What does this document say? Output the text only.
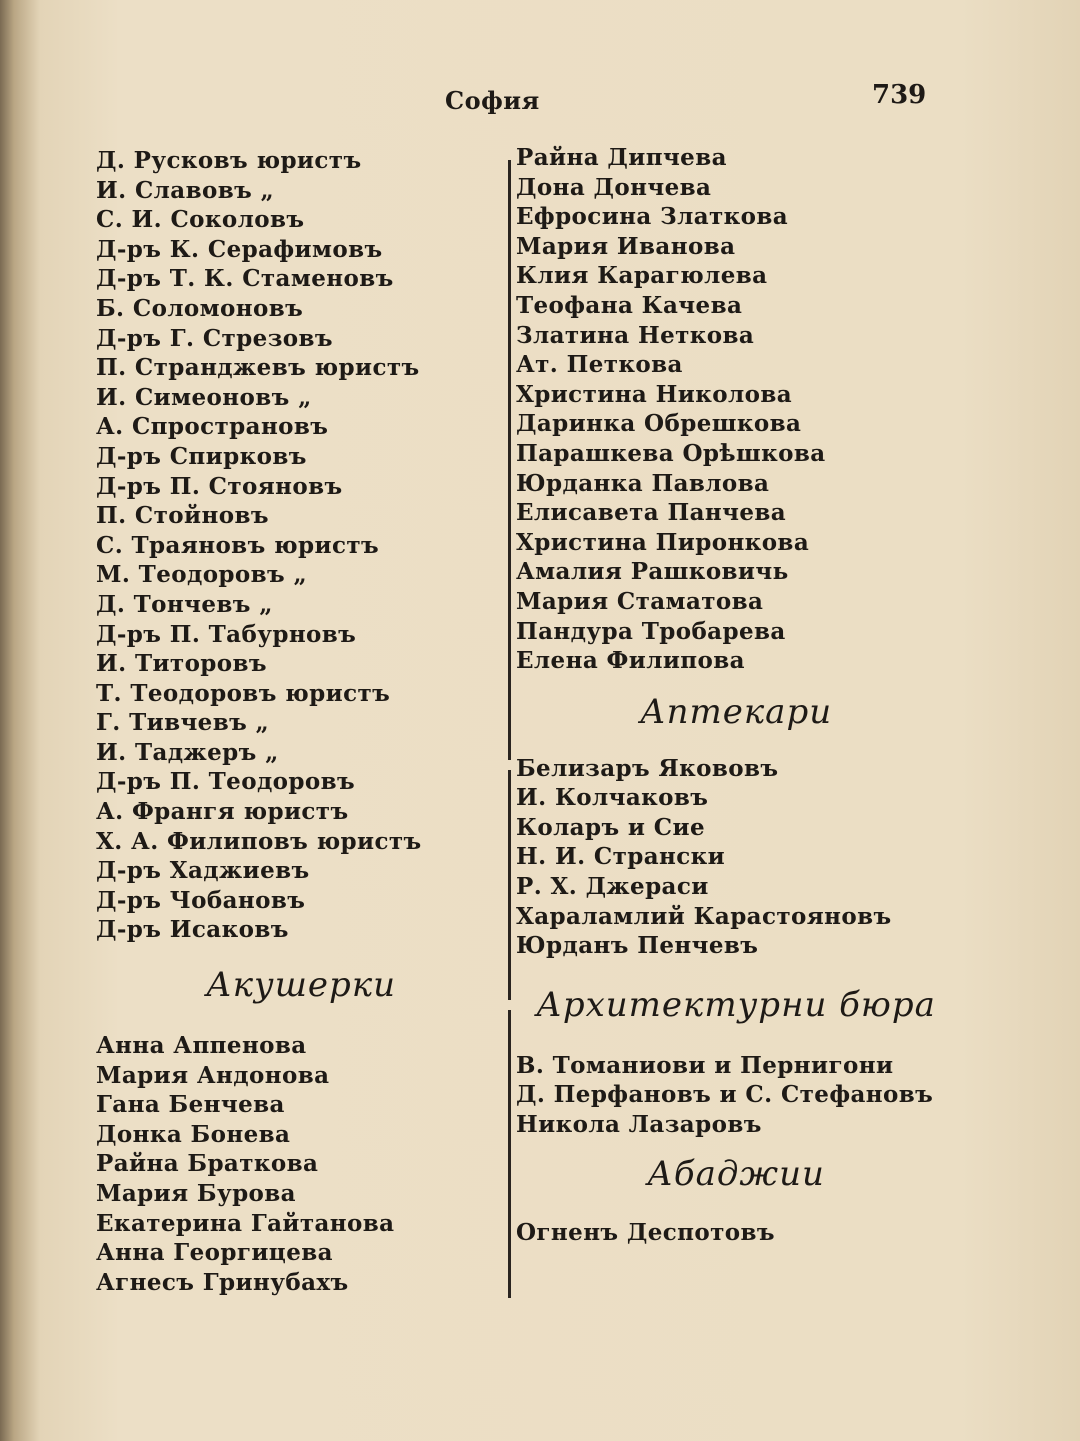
София	739
Д. Русковъ юристъ
И. Славовъ „
С. И. Соколовъ
Д-ръ К. Серафимовъ
Д-ръ Т. К. Стаменовъ
Б. Соломоновъ
Д-ръ Г. Стрезовъ
П. Странджевъ юристъ
И. Симеоновъ „
А. Спространовъ
Д-ръ Спирковъ
Д-ръ П. Стояновъ
П. Стойновъ
С. Трaяновъ юристъ
М. Теодоровъ „
Д. Тончевъ „
Д-ръ П. Табурновъ
И. Титоровъ
Т. Теодоровъ юристъ
Г. Тивчевъ „
И. Таджеръ „
Д-ръ П. Теодоровъ
А. Франгя юристъ
Х. А. Филиповъ юристъ
Д-ръ Хаджиевъ
Д-ръ Чобановъ
Д-ръ Исаковъ
Акушерки
Анна Аппенова
Мария Андонова
Гана Бенчева
Донка Бонева
Райна Браткова
Мария Бурова
Екатерина Гайтанова
Анна Георгицева
Агнесъ Гринубахъ
Райна Дипчева
Дона Дончева
Ефросина Златкова
Мария Иванова
Клия Карагюлева
Теофана Качева
Златина Неткова
Ат. Петкова
Христина Николова
Даринка Обрешкова
Парашкева Орѣшкова
Юрданка Павлова
Елисавета Панчева
Христина Пиронкова
Амалия Рашковичь
Мария Стаматова
Пандура Тробарева
Елена Филипова
Аптекари
Белизаръ Якововъ
И. Колчаковъ
Коларъ и Сие
Н. И. Странски
Р. Х. Джераси
Хараламлий Карастояновъ
Юрданъ Пенчевъ
Архитектурни бюра
В. Томаниови и Пернигони
Д. Перфановъ и С. Стефановъ
Никола Лазаровъ
Абаджии
Огненъ Деспотовъ
